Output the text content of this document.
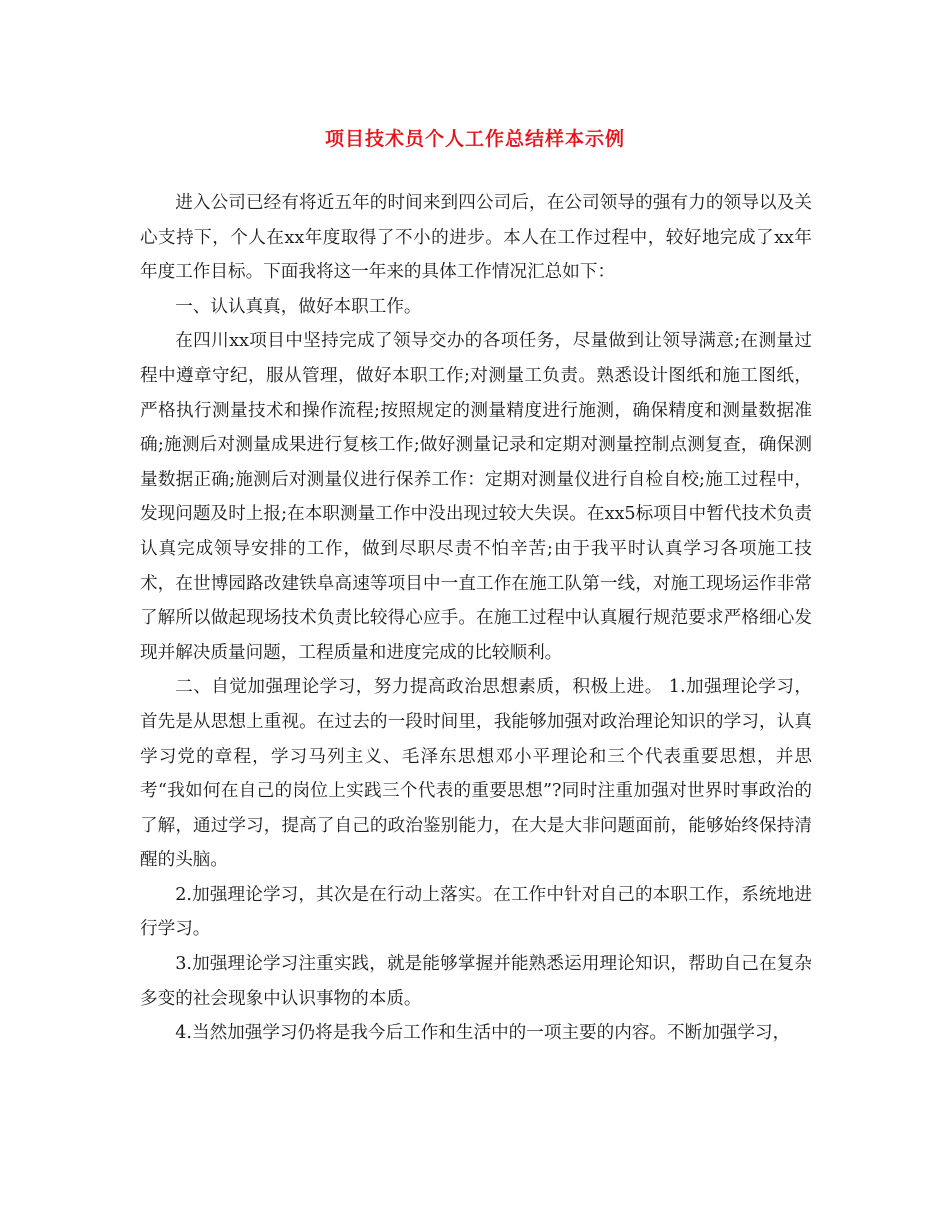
项目技术员个人工作总结样本示例

进入公司已经有将近五年的时间来到四公司后，在公司领导的强有力的领导以及关心支持下，个人在xx年度取得了不小的进步。本人在工作过程中，较好地完成了xx年年度工作目标。下面我将这一年来的具体工作情况汇总如下：

一、认认真真，做好本职工作。

在四川xx项目中坚持完成了领导交办的各项任务，尽量做到让领导满意;在测量过程中遵章守纪，服从管理，做好本职工作;对测量工负责。熟悉设计图纸和施工图纸，严格执行测量技术和操作流程;按照规定的测量精度进行施测，确保精度和测量数据准确;施测后对测量成果进行复核工作;做好测量记录和定期对测量控制点测复查，确保测量数据正确;施测后对测量仪进行保养工作：定期对测量仪进行自检自校;施工过程中，发现问题及时上报;在本职测量工作中没出现过较大失误。在xx5标项目中暂代技术负责认真完成领导安排的工作，做到尽职尽责不怕辛苦;由于我平时认真学习各项施工技术，在世博园路改建铁阜高速等项目中一直工作在施工队第一线，对施工现场运作非常了解所以做起现场技术负责比较得心应手。在施工过程中认真履行规范要求严格细心发现并解决质量问题，工程质量和进度完成的比较顺利。

二、自觉加强理论学习，努力提高政治思想素质，积极上进。 1.加强理论学习，首先是从思想上重视。在过去的一段时间里，我能够加强对政治理论知识的学习，认真学习党的章程，学习马列主义、毛泽东思想邓小平理论和三个代表重要思想，并思考“我如何在自己的岗位上实践三个代表的重要思想”?同时注重加强对世界时事政治的了解，通过学习，提高了自己的政治鉴别能力，在大是大非问题面前，能够始终保持清醒的头脑。

2.加强理论学习，其次是在行动上落实。在工作中针对自己的本职工作，系统地进行学习。

3.加强理论学习注重实践，就是能够掌握并能熟悉运用理论知识，帮助自己在复杂多变的社会现象中认识事物的本质。

4.当然加强学习仍将是我今后工作和生活中的一项主要的内容。不断加强学习，
